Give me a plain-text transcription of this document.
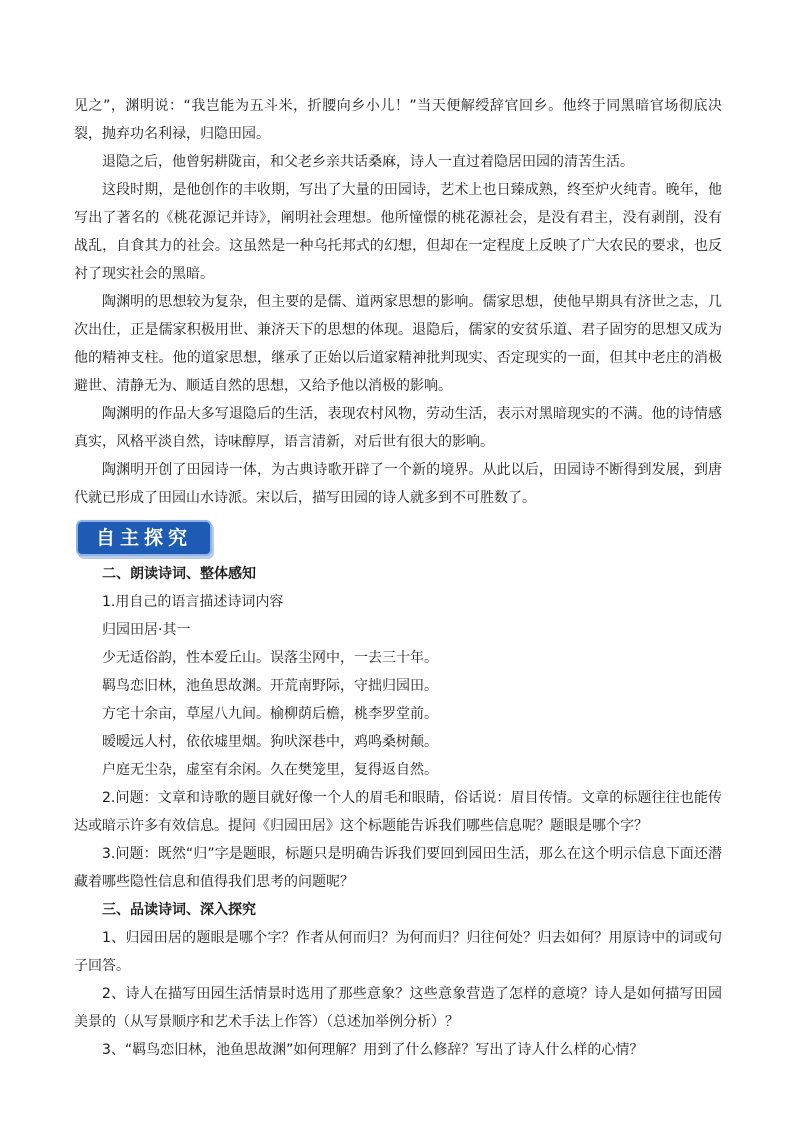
见之”，渊明说：“我岂能为五斗米，折腰向乡小儿！”当天便解绶辞官回乡。他终于同黑暗官场彻底决裂，抛弃功名利禄，归隐田园。

退隐之后，他曾躬耕陇亩，和父老乡亲共话桑麻，诗人一直过着隐居田园的清苦生活。

这段时期，是他创作的丰收期，写出了大量的田园诗，艺术上也日臻成熟，终至炉火纯青。晚年，他写出了著名的《桃花源记并诗》，阐明社会理想。他所憧憬的桃花源社会，是没有君主，没有剥削，没有战乱，自食其力的社会。这虽然是一种乌托邦式的幻想，但却在一定程度上反映了广大农民的要求，也反衬了现实社会的黑暗。

陶渊明的思想较为复杂，但主要的是儒、道两家思想的影响。儒家思想，使他早期具有济世之志，几次出仕，正是儒家积极用世、兼济天下的思想的体现。退隐后，儒家的安贫乐道、君子固穷的思想又成为他的精神支柱。他的道家思想，继承了正始以后道家精神批判现实、否定现实的一面，但其中老庄的消极避世、清静无为、顺适自然的思想，又给予他以消极的影响。

陶渊明的作品大多写退隐后的生活，表现农村风物，劳动生活，表示对黑暗现实的不满。他的诗情感真实，风格平淡自然，诗味醇厚，语言清新，对后世有很大的影响。

陶渊明开创了田园诗一体，为古典诗歌开辟了一个新的境界。从此以后，田园诗不断得到发展，到唐代就已形成了田园山水诗派。宋以后，描写田园的诗人就多到不可胜数了。

自主探究

二、朗读诗词、整体感知

1.用自己的语言描述诗词内容

归园田居·其一

少无适俗韵，性本爱丘山。误落尘网中，一去三十年。

羁鸟恋旧林，池鱼思故渊。开荒南野际，守拙归园田。

方宅十余亩，草屋八九间。榆柳荫后檐，桃李罗堂前。

暧暧远人村，依依墟里烟。狗吠深巷中，鸡鸣桑树颠。

户庭无尘杂，虚室有余闲。久在樊笼里，复得返自然。

2.问题：文章和诗歌的题目就好像一个人的眉毛和眼睛，俗话说：眉目传情。文章的标题往往也能传达或暗示许多有效信息。提问《归园田居》这个标题能告诉我们哪些信息呢？题眼是哪个字？

3.问题：既然“归”字是题眼，标题只是明确告诉我们要回到园田生活，那么在这个明示信息下面还潜藏着哪些隐性信息和值得我们思考的问题呢？

三、品读诗词、深入探究

1、归园田居的题眼是哪个字？作者从何而归？为何而归？归往何处？归去如何？用原诗中的词或句子回答。

2、诗人在描写田园生活情景时选用了那些意象？这些意象营造了怎样的意境？诗人是如何描写田园美景的（从写景顺序和艺术手法上作答）（总述加举例分析）？

3、“羁鸟恋旧林，池鱼思故渊”如何理解？用到了什么修辞？写出了诗人什么样的心情？
